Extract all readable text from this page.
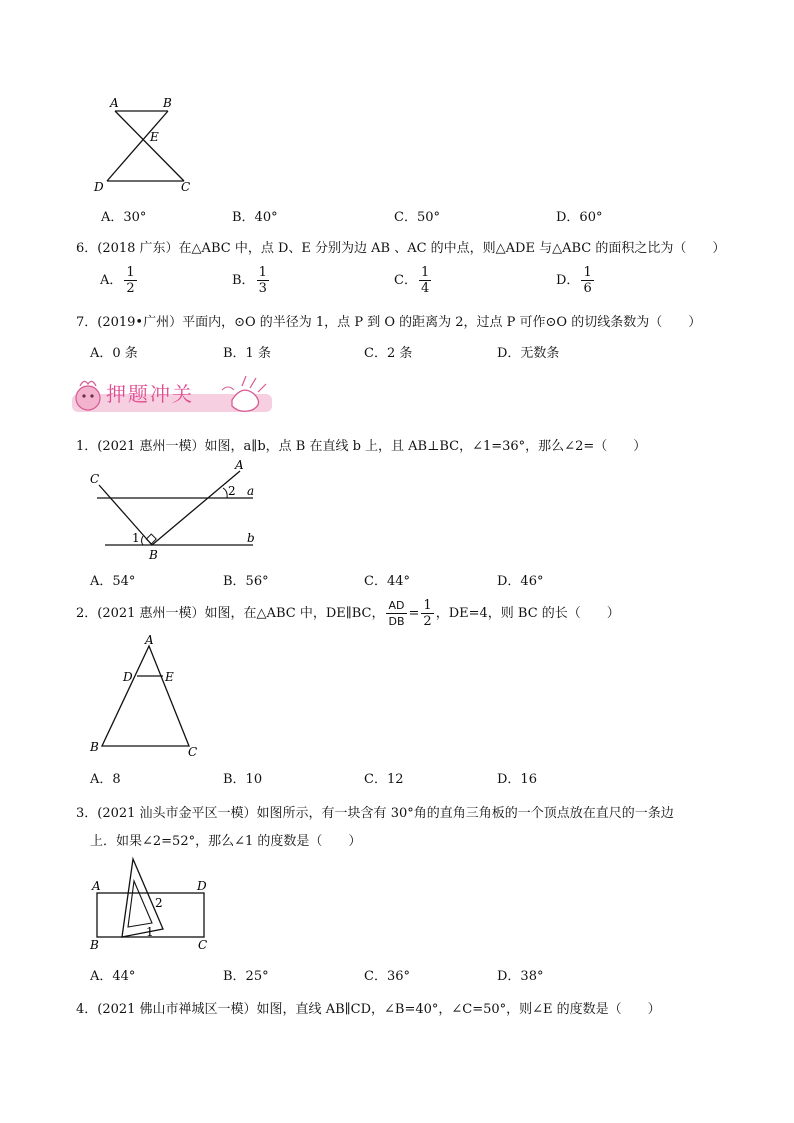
A	B
E
D	C
A．30°	B．40°	C．50°	D．60°
6．(2018 广东）在△ABC 中，点 D、E 分别为边 AB 、AC 的中点，则△ADE 与△ABC 的面积之比为（　　）
A． $\frac{1}{2}$	B． $\frac{1}{3}$	C． $\frac{1}{4}$	D． $\frac{1}{6}$
7．(2019•广州）平面内，⊙O 的半径为 1，点 P 到 O 的距离为 2，过点 P 可作⊙O 的切线条数为（　　）
A．0 条	B．1 条	C．2 条	D．无数条
押题冲关
1．(2021 惠州一模）如图，a∥b，点 B 在直线 b 上，且 AB⊥BC，∠1=36°，那么∠2=（　　）
C
A
a
b
1
2
B
A．54°	B．56°	C．44°	D．46°
2．(2021 惠州一模）如图，在△ABC 中，DE∥BC， $\frac{AD}{DB} = \frac{1}{2}$ ，DE=4，则 BC 的长（　　）
A
D	E
B	C
A．8	B．10	C．12	D．16
3．(2021 汕头市金平区一模）如图所示，有一块含有 30°角的直角三角板的一个顶点放在直尺的一条边
上．如果∠2=52°，那么∠1 的度数是（　　）
A	D
B	C
1
2
A．44°	B．25°	C．36°	D．38°
4．(2021 佛山市禅城区一模）如图，直线 AB∥CD，∠B=40°，∠C=50°，则∠E 的度数是（　　）
